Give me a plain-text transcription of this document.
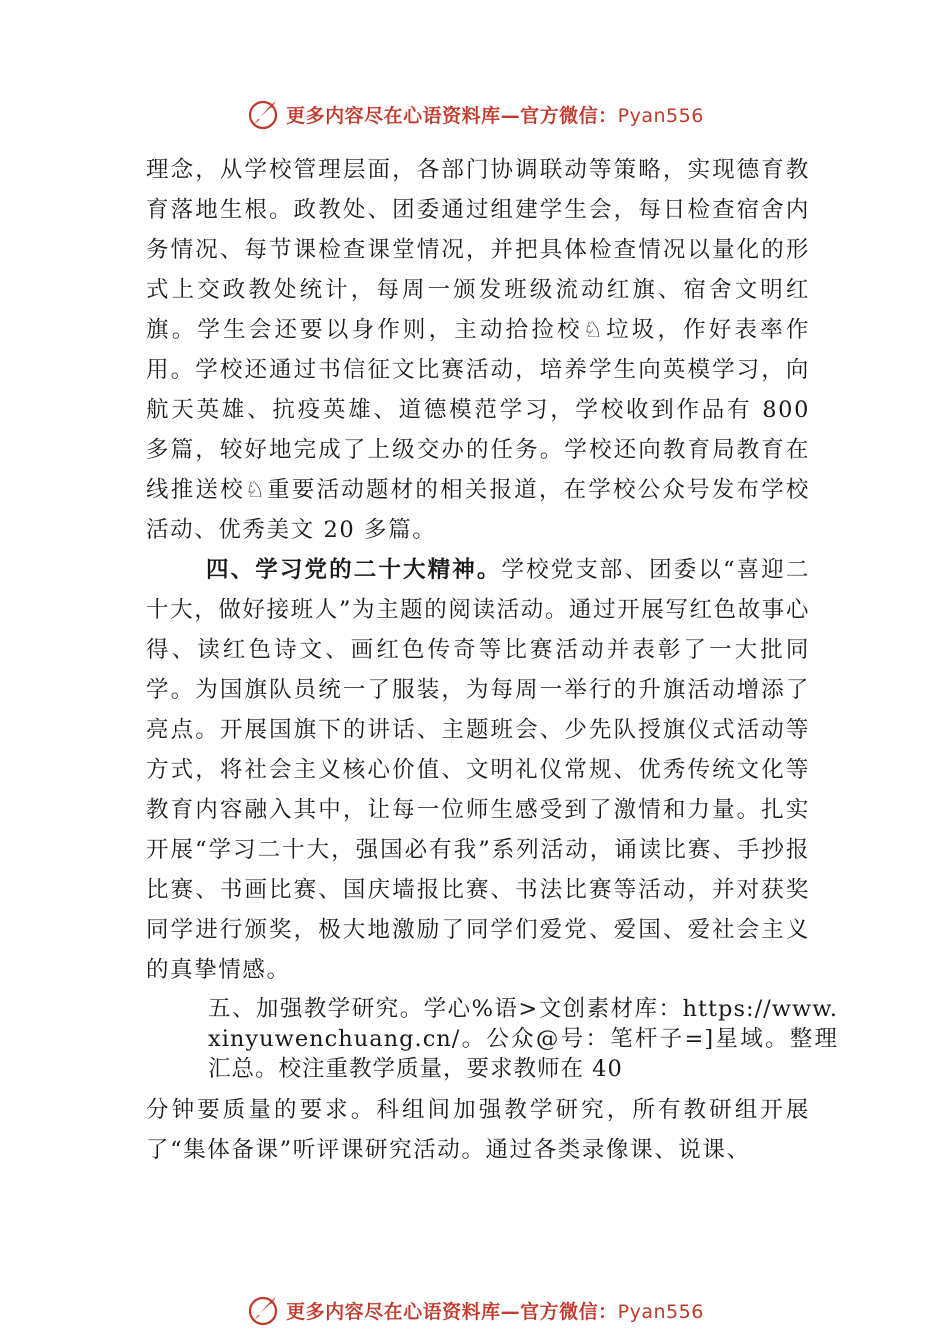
更多内容尽在心语资料库—官方微信：Pyan556

理念，从学校管理层面，各部门协调联动等策略，实现德育教育落地生根。政教处、团委通过组建学生会，每日检查宿舍内务情况、每节课检查课堂情况，并把具体检查情况以量化的形式上交政教处统计，每周一颁发班级流动红旗、宿舍文明红旗。学生会还要以身作则，主动拾捡校♘垃圾，作好表率作用。学校还通过书信征文比赛活动，培养学生向英模学习，向航天英雄、抗疫英雄、道德模范学习，学校收到作品有 800 多篇，较好地完成了上级交办的任务。学校还向教育局教育在线推送校♘重要活动题材的相关报道，在学校公众号发布学校活动、优秀美文 20 多篇。

四、学习党的二十大精神。学校党支部、团委以“喜迎二十大，做好接班人”为主题的阅读活动。通过开展写红色故事心得、读红色诗文、画红色传奇等比赛活动并表彰了一大批同学。为国旗队员统一了服装，为每周一举行的升旗活动增添了亮点。开展国旗下的讲话、主题班会、少先队授旗仪式活动等方式，将社会主义核心价值、文明礼仪常规、优秀传统文化等教育内容融入其中，让每一位师生感受到了激情和力量。扎实开展“学习二十大，强国必有我”系列活动，诵读比赛、手抄报比赛、书画比赛、国庆墙报比赛、书法比赛等活动，并对获奖同学进行颁奖，极大地激励了同学们爱党、爱国、爱社会主义的真挚情感。

五、加强教学研究。学心%语>文创素材库：https://www.xinyuwenchuang.cn/。公众@号：笔杆子=]星域。整理汇总。校注重教学质量，要求教师在 40

分钟要质量的要求。科组间加强教学研究，所有教研组开展了“集体备课”听评课研究活动。通过各类录像课、说课、

更多内容尽在心语资料库—官方微信：Pyan556
